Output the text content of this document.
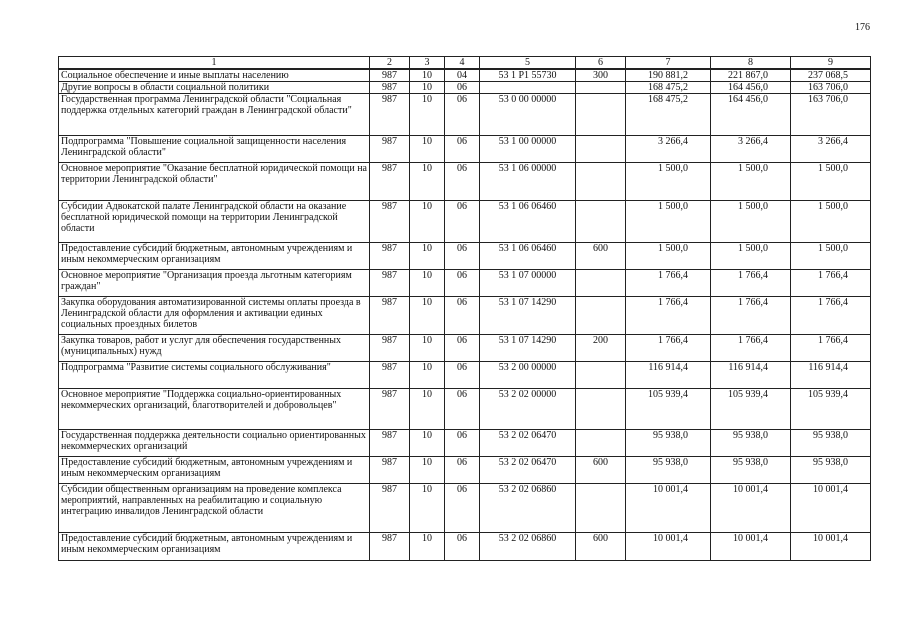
176
1	2	3	4	5	6	7	8	9
Социальное обеспечение и иные выплаты населению	987	10	04	53 1 Р1 55730	300	190 881,2	221 867,0	237 068,5
Другие вопросы в области социальной политики	987	10	06			168 475,2	164 456,0	163 706,0
Государственная программа Ленинградской области "Социальная поддержка отдельных категорий граждан в Ленинградской области"	987	10	06	53 0 00 00000		168 475,2	164 456,0	163 706,0
Подпрограмма "Повышение социальной защищенности населения Ленинградской области"	987	10	06	53 1 00 00000		3 266,4	3 266,4	3 266,4
Основное мероприятие "Оказание бесплатной юридической помощи на территории Ленинградской области"	987	10	06	53 1 06 00000		1 500,0	1 500,0	1 500,0
Субсидии Адвокатской палате Ленинградской области на оказание бесплатной юридической помощи на территории Ленинградской области	987	10	06	53 1 06 06460		1 500,0	1 500,0	1 500,0
Предоставление субсидий бюджетным, автономным учреждениям и иным некоммерческим организациям	987	10	06	53 1 06 06460	600	1 500,0	1 500,0	1 500,0
Основное мероприятие "Организация проезда льготным категориям граждан"	987	10	06	53 1 07 00000		1 766,4	1 766,4	1 766,4
Закупка оборудования автоматизированной системы оплаты проезда в Ленинградской области для оформления и активации единых социальных проездных билетов	987	10	06	53 1 07 14290		1 766,4	1 766,4	1 766,4
Закупка товаров, работ и услуг для обеспечения государственных (муниципальных) нужд	987	10	06	53 1 07 14290	200	1 766,4	1 766,4	1 766,4
Подпрограмма "Развитие системы социального обслуживания"	987	10	06	53 2 00 00000		116 914,4	116 914,4	116 914,4
Основное мероприятие "Поддержка социально-ориентированных некоммерческих организаций, благотворителей и добровольцев"	987	10	06	53 2 02 00000		105 939,4	105 939,4	105 939,4
Государственная поддержка деятельности социально ориентированных некоммерческих организаций	987	10	06	53 2 02 06470		95 938,0	95 938,0	95 938,0
Предоставление субсидий бюджетным, автономным учреждениям и иным некоммерческим организациям	987	10	06	53 2 02 06470	600	95 938,0	95 938,0	95 938,0
Субсидии общественным организациям на проведение комплекса мероприятий, направленных на реабилитацию и социальную интеграцию инвалидов Ленинградской области	987	10	06	53 2 02 06860		10 001,4	10 001,4	10 001,4
Предоставление субсидий бюджетным, автономным учреждениям и иным некоммерческим организациям	987	10	06	53 2 02 06860	600	10 001,4	10 001,4	10 001,4
